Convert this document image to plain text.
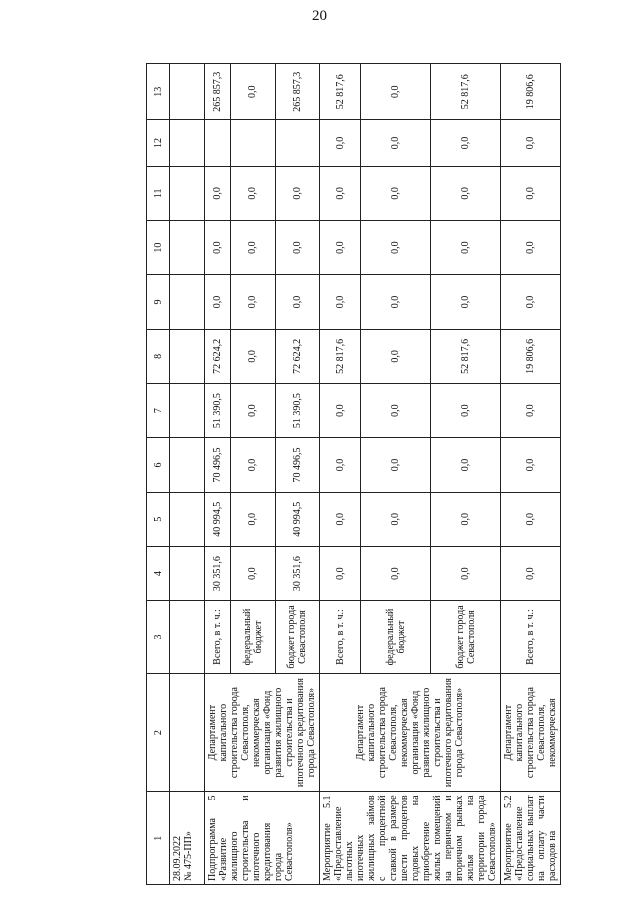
20
1	2	3	4	5	6	7	8	9	10	11	12	13
28.09.2022
№ 475-ПП»												
Подпрограмма 5 «Развитие жилищного строительства и ипотечного кредитования города Севастополя»	Департамент капитального строительства города Севастополя, некоммерческая организация «Фонд развития жилищного строительства и ипотечного кредитования города Севастополя»	Всего, в т. ч.:	30 351,6	40 994,5	70 496,5	51 390,5	72 624,2	0,0	0,0	0,0		265 857,3
		федеральный бюджет	0,0	0,0	0,0	0,0	0,0	0,0	0,0	0,0		0,0
		бюджет города Севастополя	30 351,6	40 994,5	70 496,5	51 390,5	72 624,2	0,0	0,0	0,0		265 857,3
Мероприятие 5.1 «Предоставление льготных ипотечных жилищных займов с процентной ставкой в размере шести процентов годовых на приобретение жилых помещений на первичном и вторичном рынках жилья на территории города Севастополя»	Департамент капитального строительства города Севастополя, некоммерческая организация «Фонд развития жилищного строительства и ипотечного кредитования города Севастополя»	Всего, в т. ч.:	0,0	0,0	0,0	0,0	52 817,6	0,0	0,0	0,0	0,0	52 817,6
		федеральный бюджет	0,0	0,0	0,0	0,0	0,0	0,0	0,0	0,0	0,0	0,0
		бюджет города Севастополя	0,0	0,0	0,0	0,0	52 817,6	0,0	0,0	0,0	0,0	52 817,6
Мероприятие 5.2 «Предоставление социальных выплат на оплату части расходов на	Департамент капитального строительства города Севастополя, некоммерческая	Всего, в т. ч.:	0,0	0,0	0,0	0,0	19 806,6	0,0	0,0	0,0	0,0	19 806,6
